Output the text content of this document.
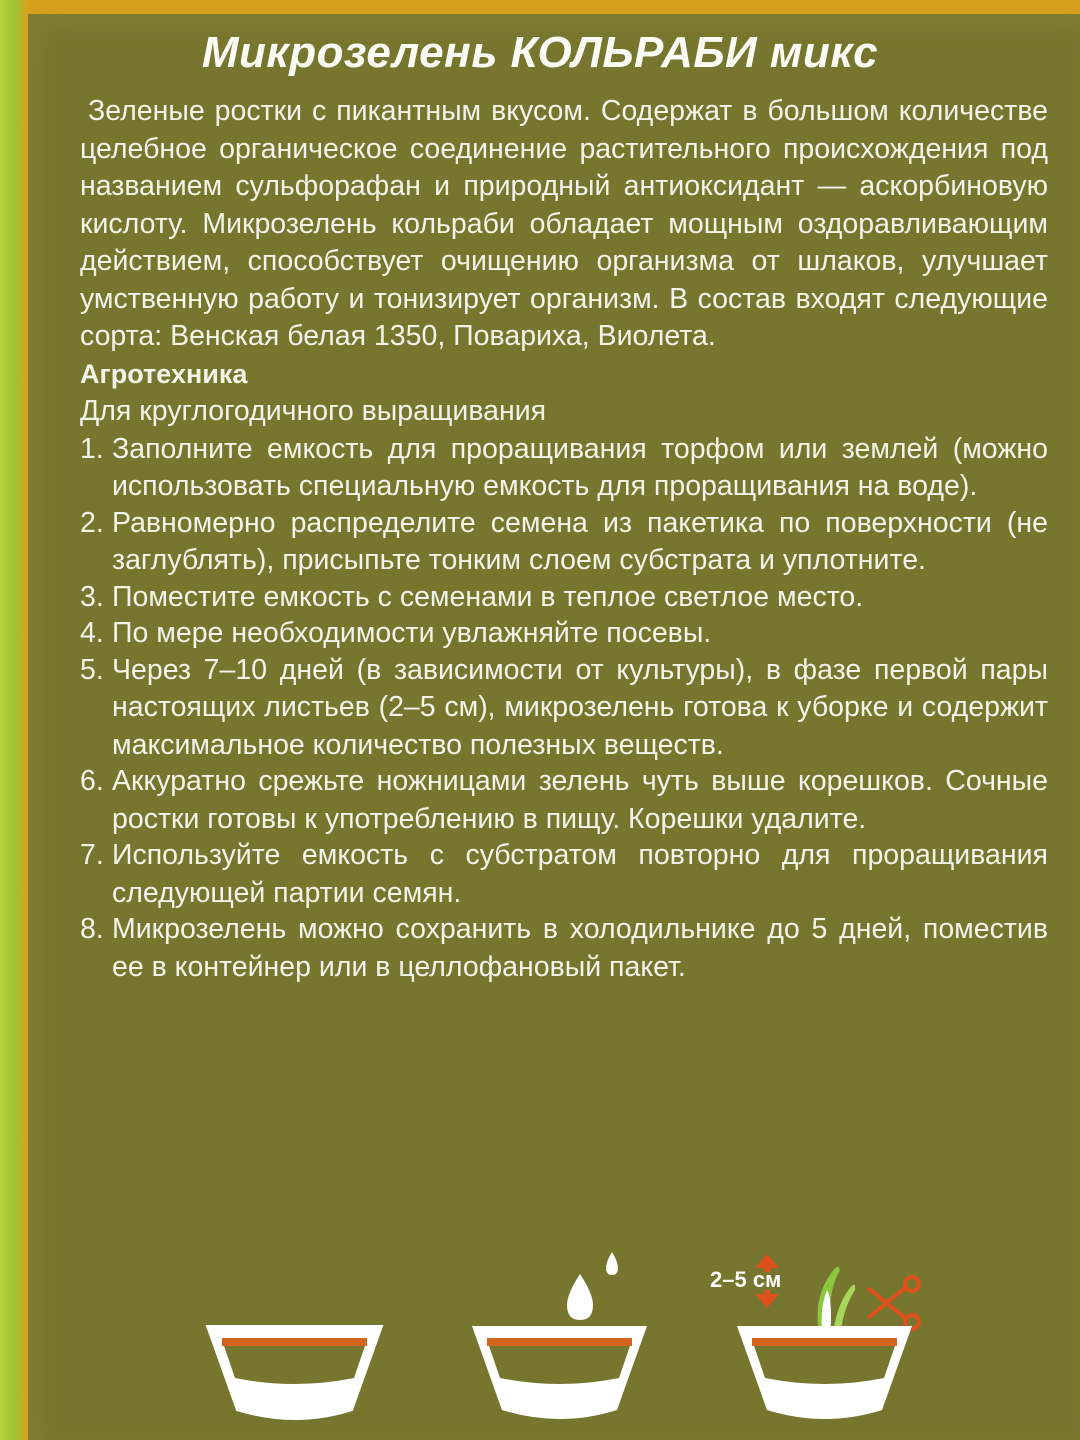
Микрозелень КОЛЬРАБИ микс

Зеленые ростки с пикантным вкусом. Содержат в большом количестве целебное органическое соединение растительного происхождения под названием сульфорафан и природный антиоксидант — аскорбиновую кислоту. Микрозелень кольраби обладает мощным оздоравливающим действием, способствует очищению организма от шлаков, улучшает умственную работу и тонизирует организм. В состав входят следующие сорта: Венская белая 1350, Повариха, Виолета.

Агротехника

Для круглогодичного выращивания

1. Заполните емкость для проращивания торфом или землей (можно использовать специальную емкость для проращивания на воде).
2. Равномерно распределите семена из пакетика по поверхности (не заглублять), присыпьте тонким слоем субстрата и уплотните.
3. Поместите емкость с семенами в теплое светлое место.
4. По мере необходимости увлажняйте посевы.
5. Через 7–10 дней (в зависимости от культуры), в фазе первой пары настоящих листьев (2–5 см), микрозелень готова к уборке и содержит максимальное количество полезных веществ.
6. Аккуратно срежьте ножницами зелень чуть выше корешков. Сочные ростки готовы к употреблению в пищу. Корешки удалите.
7. Используйте емкость с субстратом повторно для проращивания следующей партии семян.
8. Микрозелень можно сохранить в холодильнике до 5 дней, поместив ее в контейнер или в целлофановый пакет.
2–5 см
